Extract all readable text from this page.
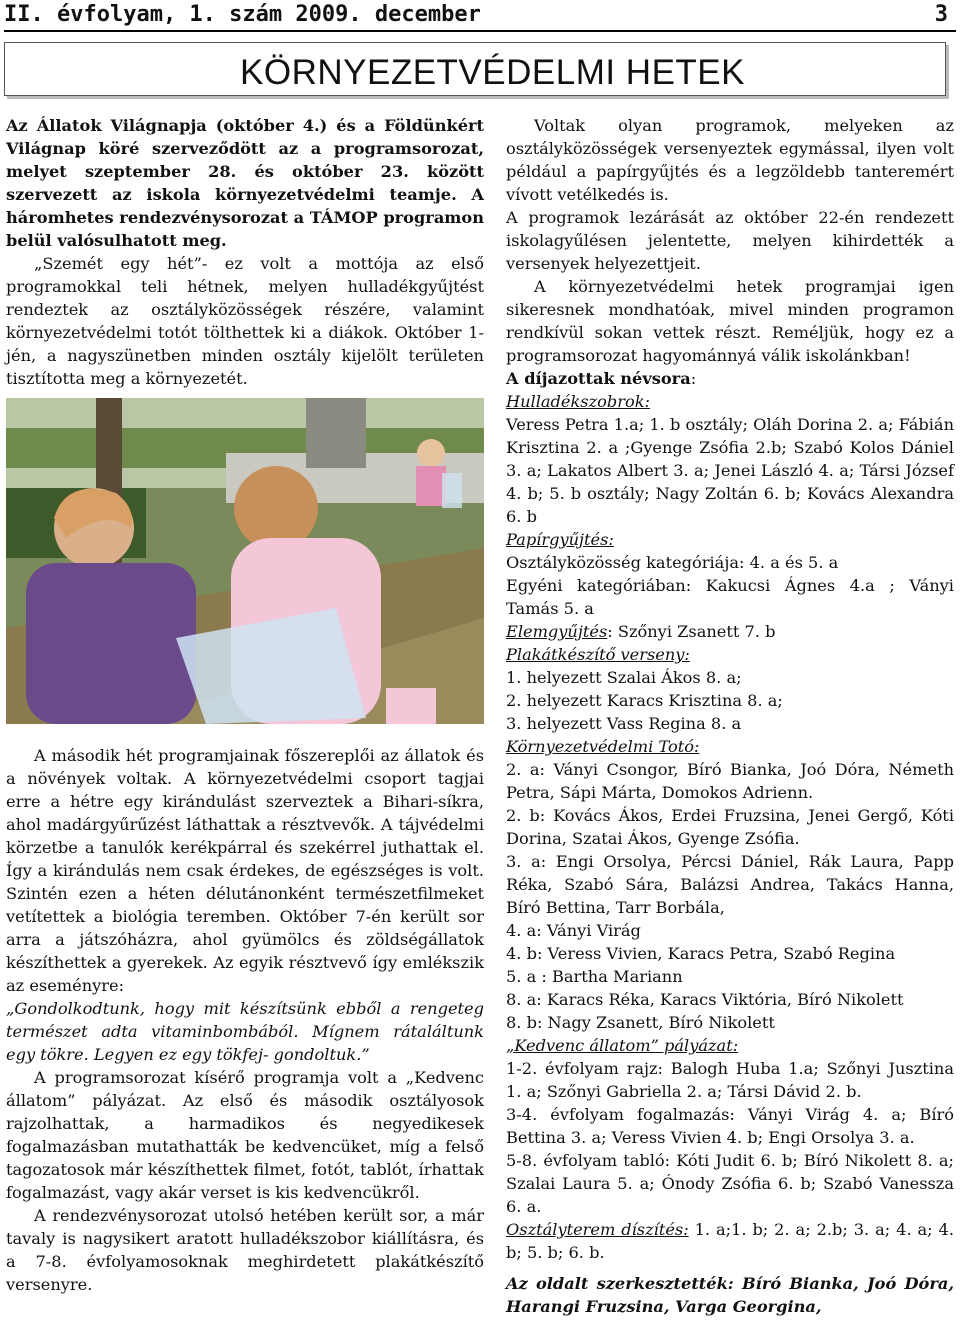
II. évfolyam, 1. szám 2009. december	3
KÖRNYEZETVÉDELMI HETEK

Az Állatok Világnapja (október 4.) és a Földünkért Világnap köré szerveződött az a programsorozat, melyet szeptember 28. és október 23. között szervezett az iskola környezetvédelmi teamje. A háromhetes rendezvénysorozat a TÁMOP programon belül valósulhatott meg.

„Szemét egy hét”- ez volt a mottója az első programokkal teli hétnek, melyen hulladékgyűjtést rendeztek az osztályközösségek részére, valamint környezetvédelmi totót tölthettek ki a diákok. Október 1-jén, a nagyszünetben minden osztály kijelölt területen tisztította meg a környezetét.

A második hét programjainak főszereplői az állatok és a növények voltak. A környezetvédelmi csoport tagjai erre a hétre egy kirándulást szerveztek a Bihari-síkra, ahol madárgyűrűzést láthattak a résztvevők. A tájvédelmi körzetbe a tanulók kerékpárral és szekérrel juthattak el. Így a kirándulás nem csak érdekes, de egészséges is volt. Szintén ezen a héten délutánonként természetfilmeket vetítettek a biológia teremben. Október 7-én került sor arra a játszóházra, ahol gyümölcs és zöldségállatok készíthettek a gyerekek. Az egyik résztvevő így emlékszik az eseményre:

„Gondolkodtunk, hogy mit készítsünk ebből a rengeteg természet adta vitaminbombából. Mígnem rátaláltunk egy tökre. Legyen ez egy tökfej- gondoltuk.”

A programsorozat kísérő programja volt a „Kedvenc állatom” pályázat. Az első és második osztályosok rajzolhattak, a harmadikos és negyedikesek fogalmazásban mutathatták be kedvencüket, míg a felső tagozatosok már készíthettek filmet, fotót, tablót, írhattak fogalmazást, vagy akár verset is kis kedvencükről.

A rendezvénysorozat utolsó hetében került sor, a már tavaly is nagysikert aratott hulladékszobor kiállításra, és a 7-8. évfolyamosoknak meghirdetett plakátkészítő versenyre.

Voltak olyan programok, melyeken az osztályközösségek versenyeztek egymással, ilyen volt például a papírgyűjtés és a legzöldebb tanteremért vívott vetélkedés is.

A programok lezárását az október 22-én rendezett iskolagyűlésen jelentette, melyen kihirdették a versenyek helyezettjeit.

A környezetvédelmi hetek programjai igen sikeresnek mondhatóak, mivel minden programon rendkívül sokan vettek részt. Reméljük, hogy ez a programsorozat hagyománnyá válik iskolánkban!

A díjazottak névsora:

Hulladékszobrok:

Veress Petra 1.a; 1. b osztály; Oláh Dorina 2. a; Fábián Krisztina 2. a ;Gyenge Zsófia 2.b; Szabó Kolos Dániel 3. a; Lakatos Albert 3. a; Jenei László 4. a; Társi József 4. b; 5. b osztály; Nagy Zoltán 6. b; Kovács Alexandra 6. b

Papírgyűjtés:

Osztályközösség kategóriája: 4. a és 5. a

Egyéni kategóriában: Kakucsi Ágnes 4.a ; Ványi Tamás 5. a

Elemgyűjtés: Szőnyi Zsanett 7. b

Plakátkészítő verseny:

1. helyezett Szalai Ákos 8. a;

2. helyezett Karacs Krisztina 8. a;

3. helyezett Vass Regina 8. a

Környezetvédelmi Totó:

2. a: Ványi Csongor, Bíró Bianka, Joó Dóra, Németh Petra, Sápi Márta, Domokos Adrienn.

2. b: Kovács Ákos, Erdei Fruzsina, Jenei Gergő, Kóti Dorina, Szatai Ákos, Gyenge Zsófia.

3. a: Engi Orsolya, Pércsi Dániel, Rák Laura, Papp Réka, Szabó Sára, Balázsi Andrea, Takács Hanna, Bíró Bettina, Tarr Borbála,

4. a: Ványi Virág

4. b: Veress Vivien, Karacs Petra, Szabó Regina

5. a : Bartha Mariann

8. a: Karacs Réka, Karacs Viktória, Bíró Nikolett

8. b: Nagy Zsanett, Bíró Nikolett

„Kedvenc állatom” pályázat:

1-2. évfolyam rajz: Balogh Huba 1.a; Szőnyi Jusztina 1. a; Szőnyi Gabriella 2. a; Társi Dávid 2. b.

3-4. évfolyam fogalmazás: Ványi Virág 4. a; Bíró Bettina 3. a; Veress Vivien 4. b; Engi Orsolya 3. a.

5-8. évfolyam tabló: Kóti Judit 6. b; Bíró Nikolett 8. a; Szalai Laura 5. a; Ónody Zsófia 6. b; Szabó Vanessza 6. a.

Osztályterem díszítés: 1. a;1. b; 2. a; 2.b; 3. a; 4. a; 4. b; 5. b; 6. b.

Az oldalt szerkesztették: Bíró Bianka, Joó Dóra, Harangi Fruzsina, Varga Georgina,
